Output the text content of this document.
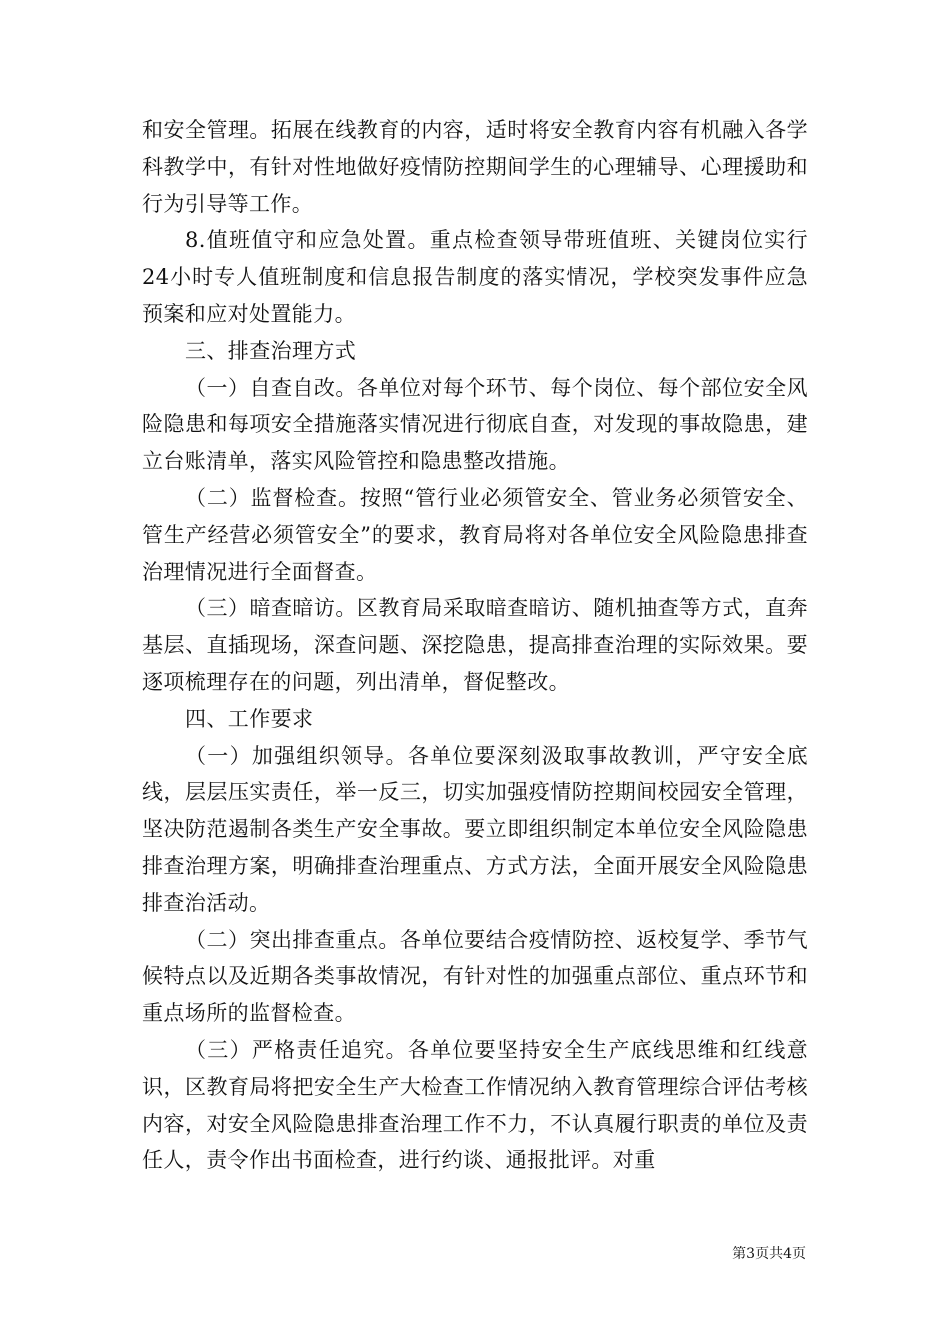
和安全管理。拓展在线教育的内容，适时将安全教育内容有机融入各学科教学中，有针对性地做好疫情防控期间学生的心理辅导、心理援助和行为引导等工作。

8.值班值守和应急处置。重点检查领导带班值班、关键岗位实行24小时专人值班制度和信息报告制度的落实情况，学校突发事件应急预案和应对处置能力。

三、排查治理方式

（一）自查自改。各单位对每个环节、每个岗位、每个部位安全风险隐患和每项安全措施落实情况进行彻底自查，对发现的事故隐患，建立台账清单，落实风险管控和隐患整改措施。

（二）监督检查。按照“管行业必须管安全、管业务必须管安全、管生产经营必须管安全”的要求，教育局将对各单位安全风险隐患排查治理情况进行全面督查。

（三）暗查暗访。区教育局采取暗查暗访、随机抽查等方式，直奔基层、直插现场，深查问题、深挖隐患，提高排查治理的实际效果。要逐项梳理存在的问题，列出清单，督促整改。

四、工作要求

（一）加强组织领导。各单位要深刻汲取事故教训，严守安全底线，层层压实责任，举一反三，切实加强疫情防控期间校园安全管理，坚决防范遏制各类生产安全事故。要立即组织制定本单位安全风险隐患排查治理方案，明确排查治理重点、方式方法，全面开展安全风险隐患排查治活动。

（二）突出排查重点。各单位要结合疫情防控、返校复学、季节气候特点以及近期各类事故情况，有针对性的加强重点部位、重点环节和重点场所的监督检查。

（三）严格责任追究。各单位要坚持安全生产底线思维和红线意识，区教育局将把安全生产大检查工作情况纳入教育管理综合评估考核内容，对安全风险隐患排查治理工作不力，不认真履行职责的单位及责任人，责令作出书面检查，进行约谈、通报批评。对重

第3页共4页
